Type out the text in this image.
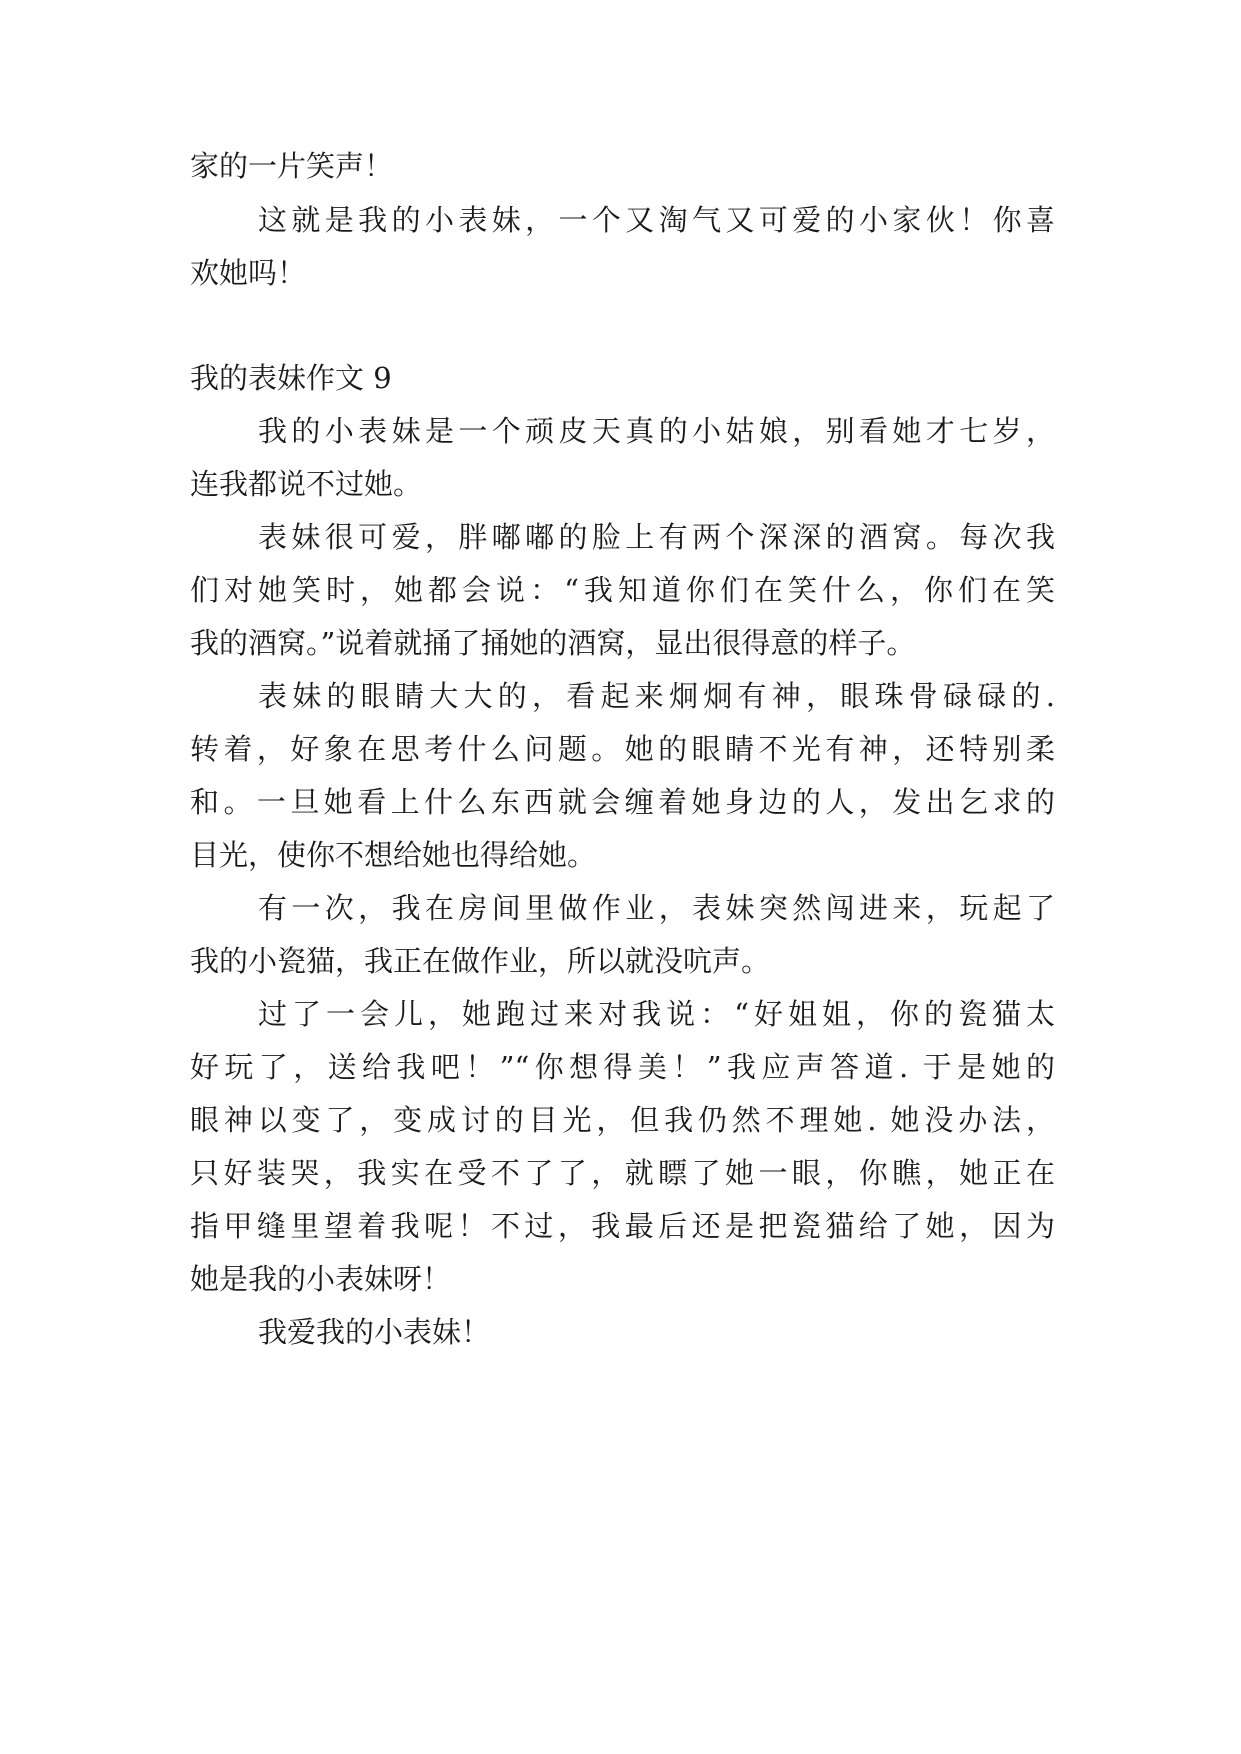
家的一片笑声！
这就是我的小表妹，一个又淘气又可爱的小家伙！你喜
欢她吗！
我的表妹作文 9
我的小表妹是一个顽皮天真的小姑娘，别看她才七岁，
连我都说不过她。
表妹很可爱，胖嘟嘟的脸上有两个深深的酒窝。每次我
们对她笑时，她都会说：“我知道你们在笑什么，你们在笑
我的酒窝。”说着就捅了捅她的酒窝，显出很得意的样子。
表妹的眼睛大大的，看起来炯炯有神，眼珠骨碌碌的.
转着，好象在思考什么问题。她的眼睛不光有神，还特别柔
和。一旦她看上什么东西就会缠着她身边的人，发出乞求的
目光，使你不想给她也得给她。
有一次，我在房间里做作业，表妹突然闯进来，玩起了
我的小瓷猫，我正在做作业，所以就没吭声。
过了一会儿，她跑过来对我说：“好姐姐，你的瓷猫太
好玩了，送给我吧！”“你想得美！”我应声答道. 于是她的
眼神以变了，变成讨的目光，但我仍然不理她. 她没办法，
只好装哭，我实在受不了了，就瞟了她一眼，你瞧，她正在
指甲缝里望着我呢！不过，我最后还是把瓷猫给了她，因为
她是我的小表妹呀！
我爱我的小表妹！
